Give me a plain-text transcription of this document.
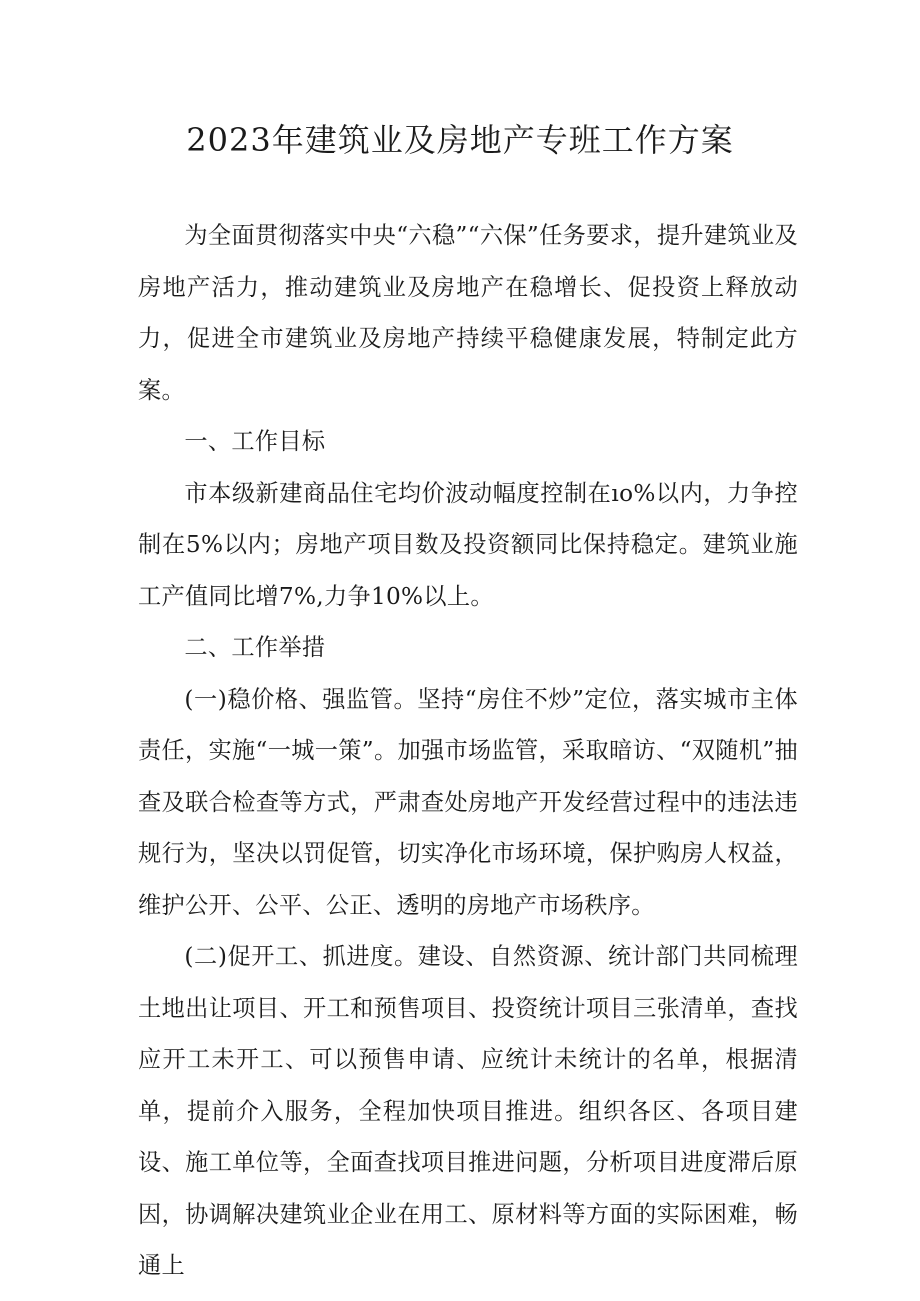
2023年建筑业及房地产专班工作方案

为全面贯彻落实中央“六稳”“六保”任务要求，提升建筑业及房地产活力，推动建筑业及房地产在稳增长、促投资上释放动力，促进全市建筑业及房地产持续平稳健康发展，特制定此方案。

一、工作目标

市本级新建商品住宅均价波动幅度控制在ıo%以内，力争控制在5%以内；房地产项目数及投资额同比保持稳定。建筑业施工产值同比增7%,力争10%以上。

二、工作举措

(一)稳价格、强监管。坚持“房住不炒”定位，落实城市主体责任，实施“一城一策”。加强市场监管，采取暗访、“双随机”抽查及联合检查等方式，严肃查处房地产开发经营过程中的违法违规行为，坚决以罚促管，切实净化市场环境，保护购房人权益，维护公开、公平、公正、透明的房地产市场秩序。

(二)促开工、抓进度。建设、自然资源、统计部门共同梳理土地出让项目、开工和预售项目、投资统计项目三张清单，查找应开工未开工、可以预售申请、应统计未统计的名单，根据清单，提前介入服务，全程加快项目推进。组织各区、各项目建设、施工单位等，全面查找项目推进问题，分析项目进度滞后原因，协调解决建筑业企业在用工、原材料等方面的实际困难，畅通上
